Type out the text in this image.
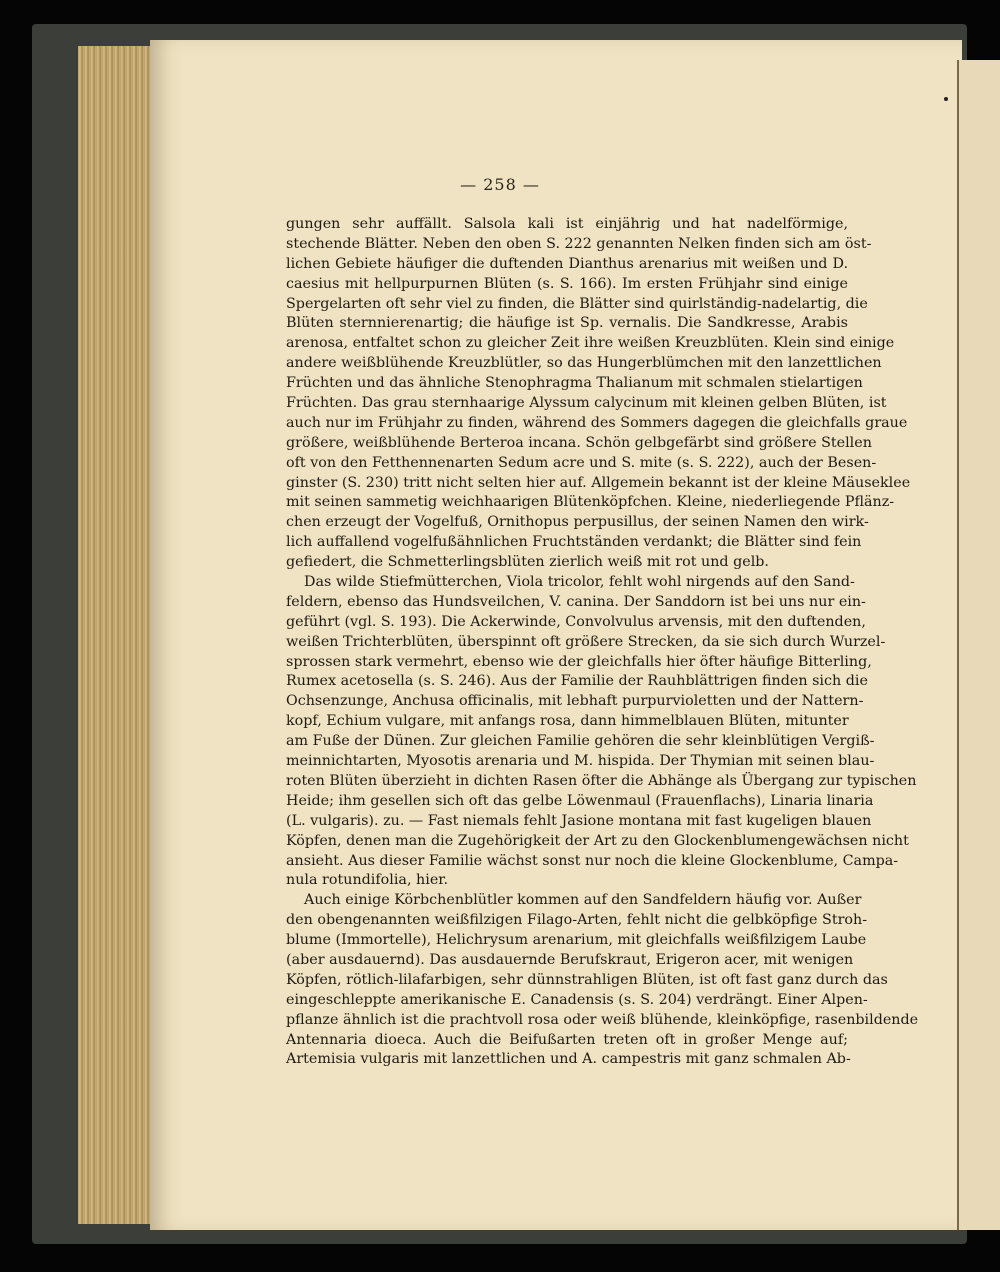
— 258 —
gungen sehr auffällt. Salsola kali ist einjährig und hat nadelförmige,
stechende Blätter. Neben den oben S. 222 genannten Nelken finden sich am öst-
lichen Gebiete häufiger die duftenden Dianthus arenarius mit weißen und D.
caesius mit hellpurpurnen Blüten (s. S. 166). Im ersten Frühjahr sind einige
Spergelarten oft sehr viel zu finden, die Blätter sind quirlständig-nadelartig, die
Blüten sternnierenartig; die häufige ist Sp. vernalis. Die Sandkresse, Arabis
arenosa, entfaltet schon zu gleicher Zeit ihre weißen Kreuzblüten. Klein sind einige
andere weißblühende Kreuzblütler, so das Hungerblümchen mit den lanzettlichen
Früchten und das ähnliche Stenophragma Thalianum mit schmalen stielartigen
Früchten. Das grau sternhaarige Alyssum calycinum mit kleinen gelben Blüten, ist
auch nur im Frühjahr zu finden, während des Sommers dagegen die gleichfalls graue
größere, weißblühende Berteroa incana. Schön gelbgefärbt sind größere Stellen
oft von den Fetthennenarten Sedum acre und S. mite (s. S. 222), auch der Besen-
ginster (S. 230) tritt nicht selten hier auf. Allgemein bekannt ist der kleine Mäuseklee
mit seinen sammetig weichhaarigen Blütenköpfchen. Kleine, niederliegende Pflänz-
chen erzeugt der Vogelfuß, Ornithopus perpusillus, der seinen Namen den wirk-
lich auffallend vogelfußähnlichen Fruchtständen verdankt; die Blätter sind fein
gefiedert, die Schmetterlingsblüten zierlich weiß mit rot und gelb.
Das wilde Stiefmütterchen, Viola tricolor, fehlt wohl nirgends auf den Sand-
feldern, ebenso das Hundsveilchen, V. canina. Der Sanddorn ist bei uns nur ein-
geführt (vgl. S. 193). Die Ackerwinde, Convolvulus arvensis, mit den duftenden,
weißen Trichterblüten, überspinnt oft größere Strecken, da sie sich durch Wurzel-
sprossen stark vermehrt, ebenso wie der gleichfalls hier öfter häufige Bitterling,
Rumex acetosella (s. S. 246). Aus der Familie der Rauhblättrigen finden sich die
Ochsenzunge, Anchusa officinalis, mit lebhaft purpurvioletten und der Nattern-
kopf, Echium vulgare, mit anfangs rosa, dann himmelblauen Blüten, mitunter
am Fuße der Dünen. Zur gleichen Familie gehören die sehr kleinblütigen Vergiß-
meinnichtarten, Myosotis arenaria und M. hispida. Der Thymian mit seinen blau-
roten Blüten überzieht in dichten Rasen öfter die Abhänge als Übergang zur typischen
Heide; ihm gesellen sich oft das gelbe Löwenmaul (Frauenflachs), Linaria linaria
(L. vulgaris). zu. — Fast niemals fehlt Jasione montana mit fast kugeligen blauen
Köpfen, denen man die Zugehörigkeit der Art zu den Glockenblumengewächsen nicht
ansieht. Aus dieser Familie wächst sonst nur noch die kleine Glockenblume, Campa-
nula rotundifolia, hier.
Auch einige Körbchenblütler kommen auf den Sandfeldern häufig vor. Außer
den obengenannten weißfilzigen Filago-Arten, fehlt nicht die gelbköpfige Stroh-
blume (Immortelle), Helichrysum arenarium, mit gleichfalls weißfilzigem Laube
(aber ausdauernd). Das ausdauernde Berufskraut, Erigeron acer, mit wenigen
Köpfen, rötlich-lilafarbigen, sehr dünnstrahligen Blüten, ist oft fast ganz durch das
eingeschleppte amerikanische E. Canadensis (s. S. 204) verdrängt. Einer Alpen-
pflanze ähnlich ist die prachtvoll rosa oder weiß blühende, kleinköpfige, rasenbildende
Antennaria dioeca. Auch die Beifußarten treten oft in großer Menge auf;
Artemisia vulgaris mit lanzettlichen und A. campestris mit ganz schmalen Ab-
